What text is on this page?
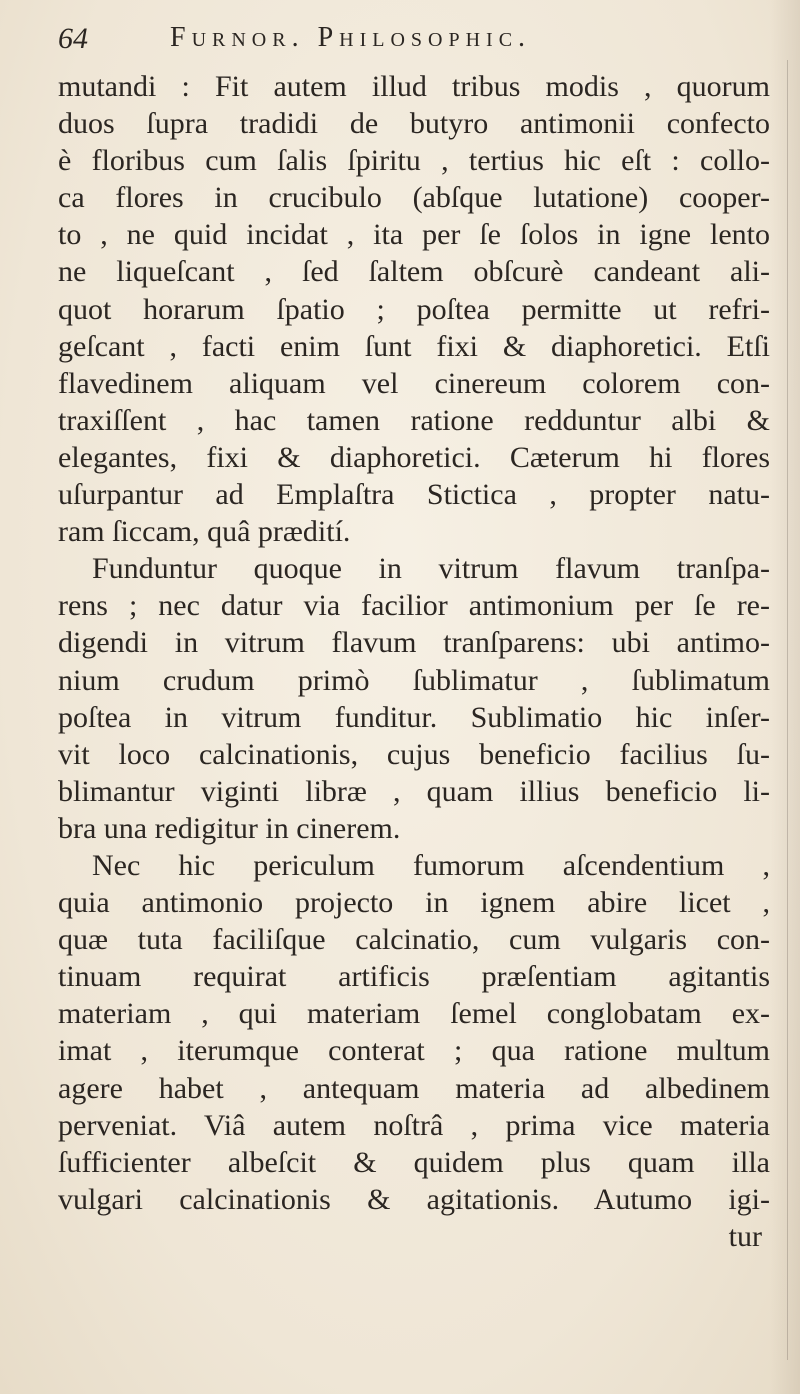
64	Furnor. Philosophic.
mutandi : Fit autem illud tribus modis , quorum
duos ſupra tradidi de butyro antimonii confecto
è floribus cum ſalis ſpiritu , tertius hic eſt : collo-
ca flores in crucibulo (abſque lutatione) cooper-
to , ne quid incidat , ita per ſe ſolos in igne lento
ne liqueſcant , ſed ſaltem obſcurè candeant ali-
quot horarum ſpatio ; poſtea permitte ut refri-
geſcant , facti enim ſunt fixi & diaphoretici. Etſi
flavedinem aliquam vel cinereum colorem con-
traxiſſent , hac tamen ratione redduntur albi &
elegantes, fixi & diaphoretici. Cæterum hi flores
uſurpantur ad Emplaſtra Stictica , propter natu-
ram ſiccam, quâ prædití.
Funduntur quoque in vitrum flavum tranſpa-
rens ; nec datur via facilior antimonium per ſe re-
digendi in vitrum flavum tranſparens: ubi antimo-
nium crudum primò ſublimatur , ſublimatum
poſtea in vitrum funditur. Sublimatio hic inſer-
vit loco calcinationis, cujus beneficio facilius ſu-
blimantur viginti libræ , quam illius beneficio li-
bra una redigitur in cinerem.
Nec hic periculum fumorum aſcendentium ,
quia antimonio projecto in ignem abire licet ,
quæ tuta faciliſque calcinatio, cum vulgaris con-
tinuam requirat artificis præſentiam agitantis
materiam , qui materiam ſemel conglobatam ex-
imat , iterumque conterat ; qua ratione multum
agere habet , antequam materia ad albedinem
perveniat. Viâ autem noſtrâ , prima vice materia
ſufficienter albeſcit & quidem plus quam illa
vulgari calcinationis & agitationis. Autumo igi-
tur
